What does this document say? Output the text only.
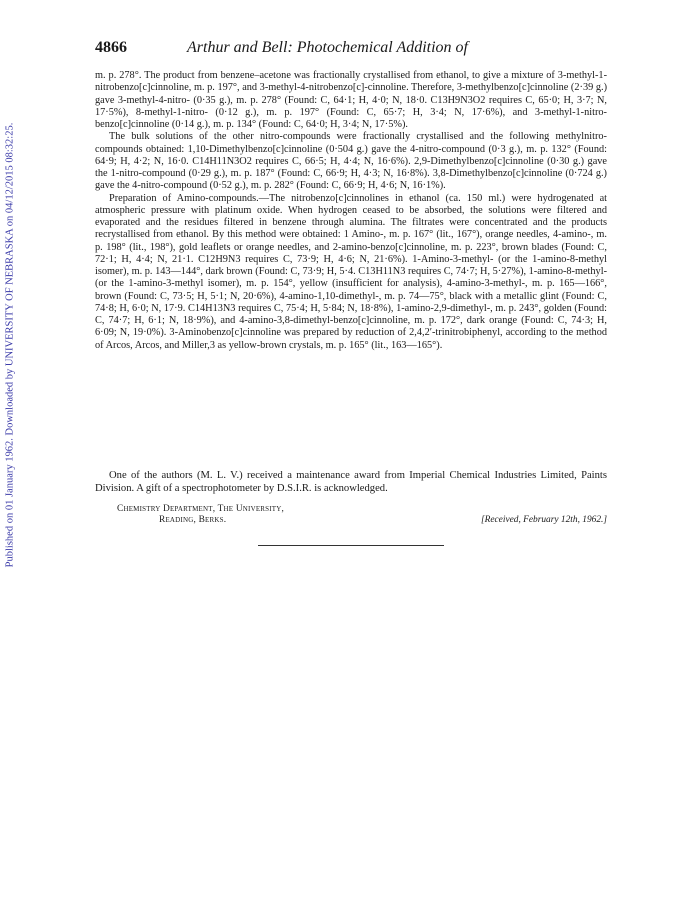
Published on 01 January 1962. Downloaded by UNIVERSITY OF NEBRASKA on 04/12/2015 08:32:25.
4866	Arthur and Bell: Photochemical Addition of

m. p. 278°. The product from benzene–acetone was fractionally crystallised from ethanol, to give a mixture of 3-methyl-1-nitrobenzo[c]cinnoline, m. p. 197°, and 3-methyl-4-nitrobenzo[c]-cinnoline. Therefore, 3-methylbenzo[c]cinnoline (2·39 g.) gave 3-methyl-4-nitro- (0·35 g.), m. p. 278° (Found: C, 64·1; H, 4·0; N, 18·0. C13H9N3O2 requires C, 65·0; H, 3·7; N, 17·5%), 8-methyl-1-nitro- (0·12 g.), m. p. 197° (Found: C, 65·7; H, 3·4; N, 17·6%), and 3-methyl-1-nitro-benzo[c]cinnoline (0·14 g.), m. p. 134° (Found: C, 64·0; H, 3·4; N, 17·5%).

The bulk solutions of the other nitro-compounds were fractionally crystallised and the following methylnitro-compounds obtained: 1,10-Dimethylbenzo[c]cinnoline (0·504 g.) gave the 4-nitro-compound (0·3 g.), m. p. 132° (Found: 64·9; H, 4·2; N, 16·0. C14H11N3O2 requires C, 66·5; H, 4·4; N, 16·6%). 2,9-Dimethylbenzo[c]cinnoline (0·30 g.) gave the 1-nitro-compound (0·29 g.), m. p. 187° (Found: C, 66·9; H, 4·3; N, 16·8%). 3,8-Dimethylbenzo[c]cinnoline (0·724 g.) gave the 4-nitro-compound (0·52 g.), m. p. 282° (Found: C, 66·9; H, 4·6; N, 16·1%).

Preparation of Amino-compounds.—The nitrobenzo[c]cinnolines in ethanol (ca. 150 ml.) were hydrogenated at atmospheric pressure with platinum oxide. When hydrogen ceased to be absorbed, the solutions were filtered and evaporated and the residues filtered in benzene through alumina. The filtrates were concentrated and the products recrystallised from ethanol. By this method were obtained: 1 Amino-, m. p. 167° (lit., 167°), orange needles, 4-amino-, m. p. 198° (lit., 198°), gold leaflets or orange needles, and 2-amino-benzo[c]cinnoline, m. p. 223°, brown blades (Found: C, 72·1; H, 4·4; N, 21·1. C12H9N3 requires C, 73·9; H, 4·6; N, 21·6%). 1-Amino-3-methyl- (or the 1-amino-8-methyl isomer), m. p. 143—144°, dark brown (Found: C, 73·9; H, 5·4. C13H11N3 requires C, 74·7; H, 5·27%), 1-amino-8-methyl- (or the 1-amino-3-methyl isomer), m. p. 154°, yellow (insufficient for analysis), 4-amino-3-methyl-, m. p. 165—166°, brown (Found: C, 73·5; H, 5·1; N, 20·6%), 4-amino-1,10-dimethyl-, m. p. 74—75°, black with a metallic glint (Found: C, 74·8; H, 6·0; N, 17·9. C14H13N3 requires C, 75·4; H, 5·84; N, 18·8%), 1-amino-2,9-dimethyl-, m. p. 243°, golden (Found: C, 74·7; H, 6·1; N, 18·9%), and 4-amino-3,8-dimethyl-benzo[c]cinnoline, m. p. 172°, dark orange (Found: C, 74·3; H, 6·09; N, 19·0%). 3-Aminobenzo[c]cinnoline was prepared by reduction of 2,4,2′-trinitrobiphenyl, according to the method of Arcos, Arcos, and Miller,3 as yellow-brown crystals, m. p. 165° (lit., 163—165°).

One of the authors (M. L. V.) received a maintenance award from Imperial Chemical Industries Limited, Paints Division. A gift of a spectrophotometer by D.S.I.R. is acknowledged.

Chemistry Department, The University,
Reading, Berks.	[Received, February 12th, 1962.]
